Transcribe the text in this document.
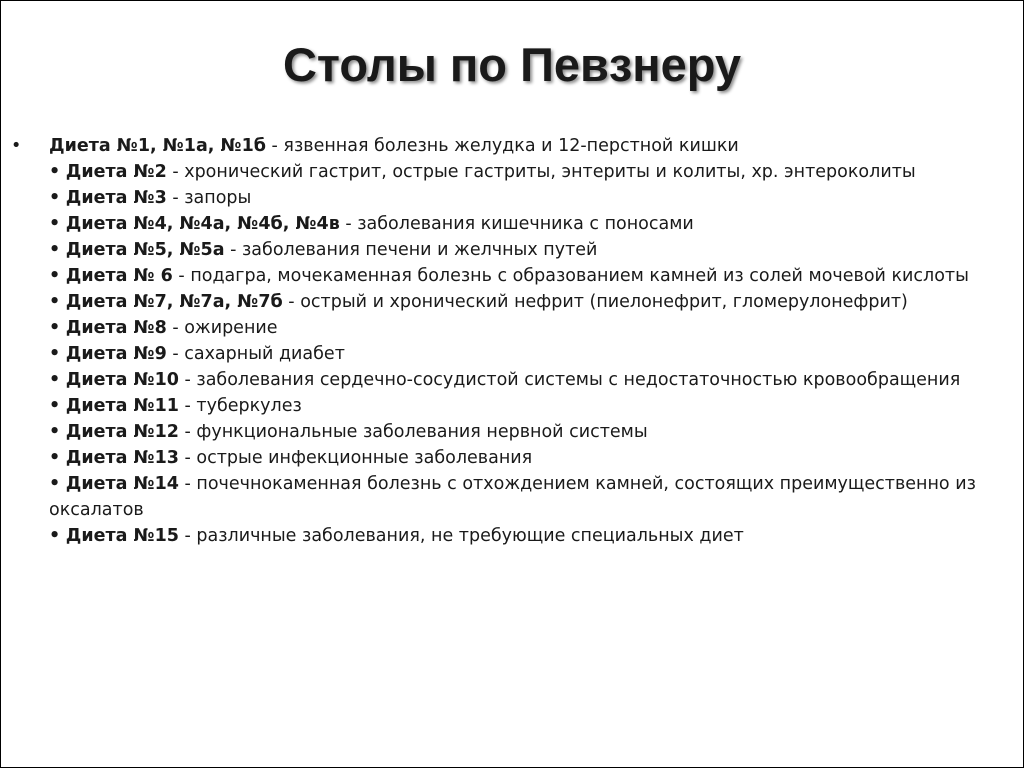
Столы по Певзнеру
• Диета №1, №1а, №1б - язвенная болезнь желудка и 12-перстной кишки
• Диета №2 - хронический гастрит, острые гастриты, энтериты и колиты, хр. энтероколиты
• Диета №3 - запоры
• Диета №4, №4а, №4б, №4в - заболевания кишечника с поносами
• Диета №5, №5а - заболевания печени и желчных путей
• Диета № 6 - подагра, мочекаменная болезнь с образованием камней из солей мочевой кислоты
• Диета №7, №7а, №7б - острый и хронический нефрит (пиелонефрит, гломерулонефрит)
• Диета №8 - ожирение
• Диета №9 - сахарный диабет
• Диета №10 - заболевания сердечно-сосудистой системы с недостаточностью кровообращения
• Диета №11 - туберкулез
• Диета №12 - функциональные заболевания нервной системы
• Диета №13 - острые инфекционные заболевания
• Диета №14 - почечнокаменная болезнь с отхождением камней, состоящих преимущественно из оксалатов
• Диета №15 - различные заболевания, не требующие специальных диет
